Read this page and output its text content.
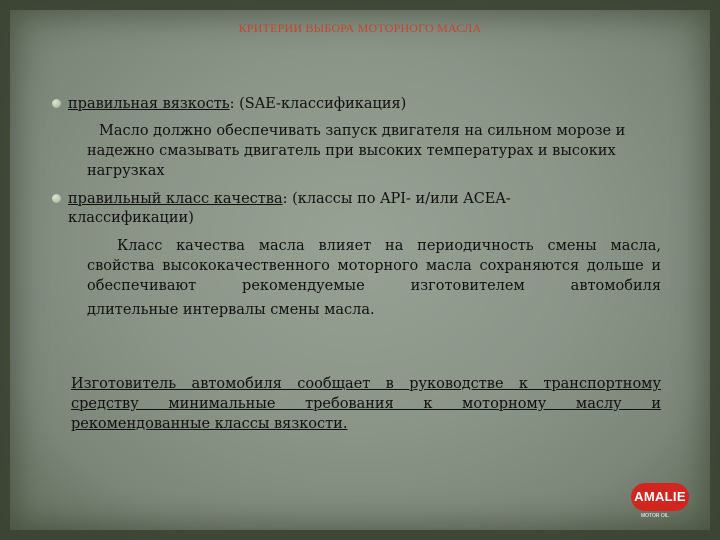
КРИТЕРИИ ВЫБОРА МОТОРНОГО МАСЛА
правильная вязкость: (SAE-классификация)
Масло должно обеспечивать запуск двигателя на сильном морозе и надежно смазывать двигатель при высоких температурах и высоких нагрузках
правильный класс качества: (классы по API- и/или ACEA-
классификации)
Класс качества масла влияет на периодичность смены масла, свойства высококачественного моторного масла сохраняются дольше и обеспечивают рекомендуемые изготовителем автомобиля
длительные интервалы смены масла.
Изготовитель автомобиля сообщает в руководстве к транспортному средству минимальные требования к моторному маслу и
рекомендованные классы вязкости.
AMALIE
MOTOR OIL
